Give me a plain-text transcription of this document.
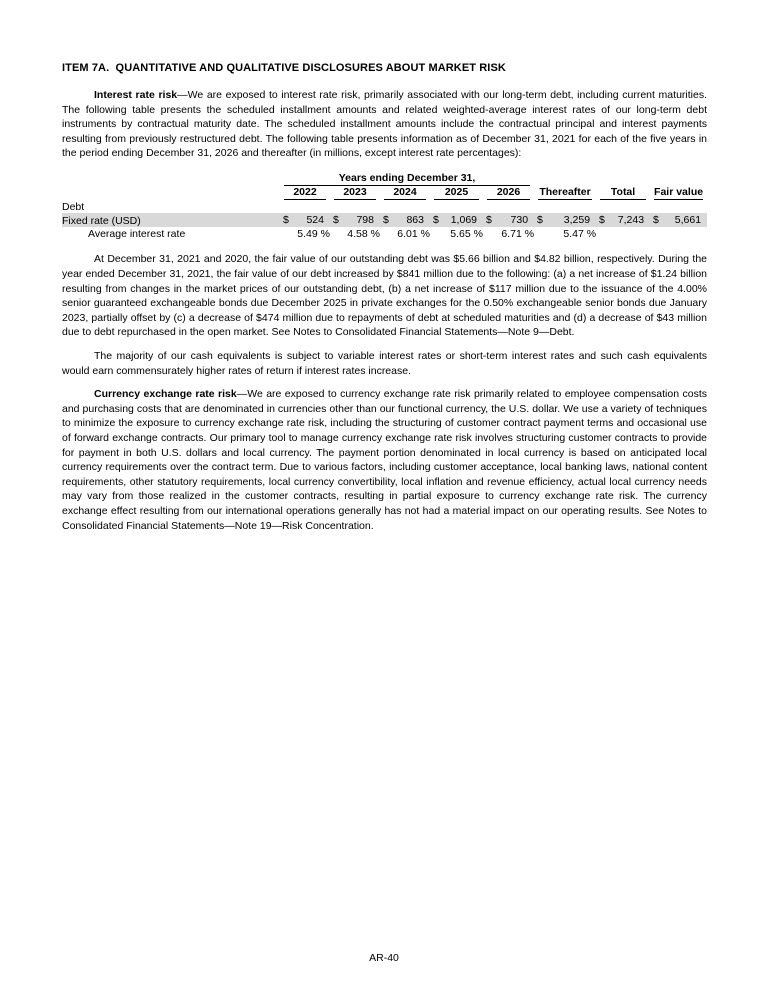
ITEM 7A.  QUANTITATIVE AND QUALITATIVE DISCLOSURES ABOUT MARKET RISK

Interest rate risk—We are exposed to interest rate risk, primarily associated with our long-term debt, including current maturities. The following table presents the scheduled installment amounts and related weighted-average interest rates of our long-term debt instruments by contractual maturity date. The scheduled installment amounts include the contractual principal and interest payments resulting from previously restructured debt. The following table presents information as of December 31, 2021 for each of the five years in the period ending December 31, 2026 and thereafter (in millions, except interest rate percentages):

	Years ending December 31,							

	2022	2023	2024	2025	2026	Thereafter	Total	Fair value

Debt								
Fixed rate (USD)	$ 524	$ 798	$ 863	$ 1,069	$ 730	$ 3,259	$ 7,243	$ 5,661

Average interest rate	5.49 %	4.58 %	6.01 %	5.65 %	6.71 %	5.47 %		

At December 31, 2021 and 2020, the fair value of our outstanding debt was $5.66 billion and $4.82 billion, respectively. During the year ended December 31, 2021, the fair value of our debt increased by $841 million due to the following: (a) a net increase of $1.24 billion resulting from changes in the market prices of our outstanding debt, (b) a net increase of $117 million due to the issuance of the 4.00% senior guaranteed exchangeable bonds due December 2025 in private exchanges for the 0.50% exchangeable senior bonds due January 2023, partially offset by (c) a decrease of $474 million due to repayments of debt at scheduled maturities and (d) a decrease of $43 million due to debt repurchased in the open market. See Notes to Consolidated Financial Statements—Note 9—Debt.

The majority of our cash equivalents is subject to variable interest rates or short-term interest rates and such cash equivalents would earn commensurately higher rates of return if interest rates increase.

Currency exchange rate risk—We are exposed to currency exchange rate risk primarily related to employee compensation costs and purchasing costs that are denominated in currencies other than our functional currency, the U.S. dollar. We use a variety of techniques to minimize the exposure to currency exchange rate risk, including the structuring of customer contract payment terms and occasional use of forward exchange contracts. Our primary tool to manage currency exchange rate risk involves structuring customer contracts to provide for payment in both U.S. dollars and local currency. The payment portion denominated in local currency is based on anticipated local currency requirements over the contract term. Due to various factors, including customer acceptance, local banking laws, national content requirements, other statutory requirements, local currency convertibility, local inflation and revenue efficiency, actual local currency needs may vary from those realized in the customer contracts, resulting in partial exposure to currency exchange rate risk. The currency exchange effect resulting from our international operations generally has not had a material impact on our operating results. See Notes to Consolidated Financial Statements—Note 19—Risk Concentration.

AR-40
